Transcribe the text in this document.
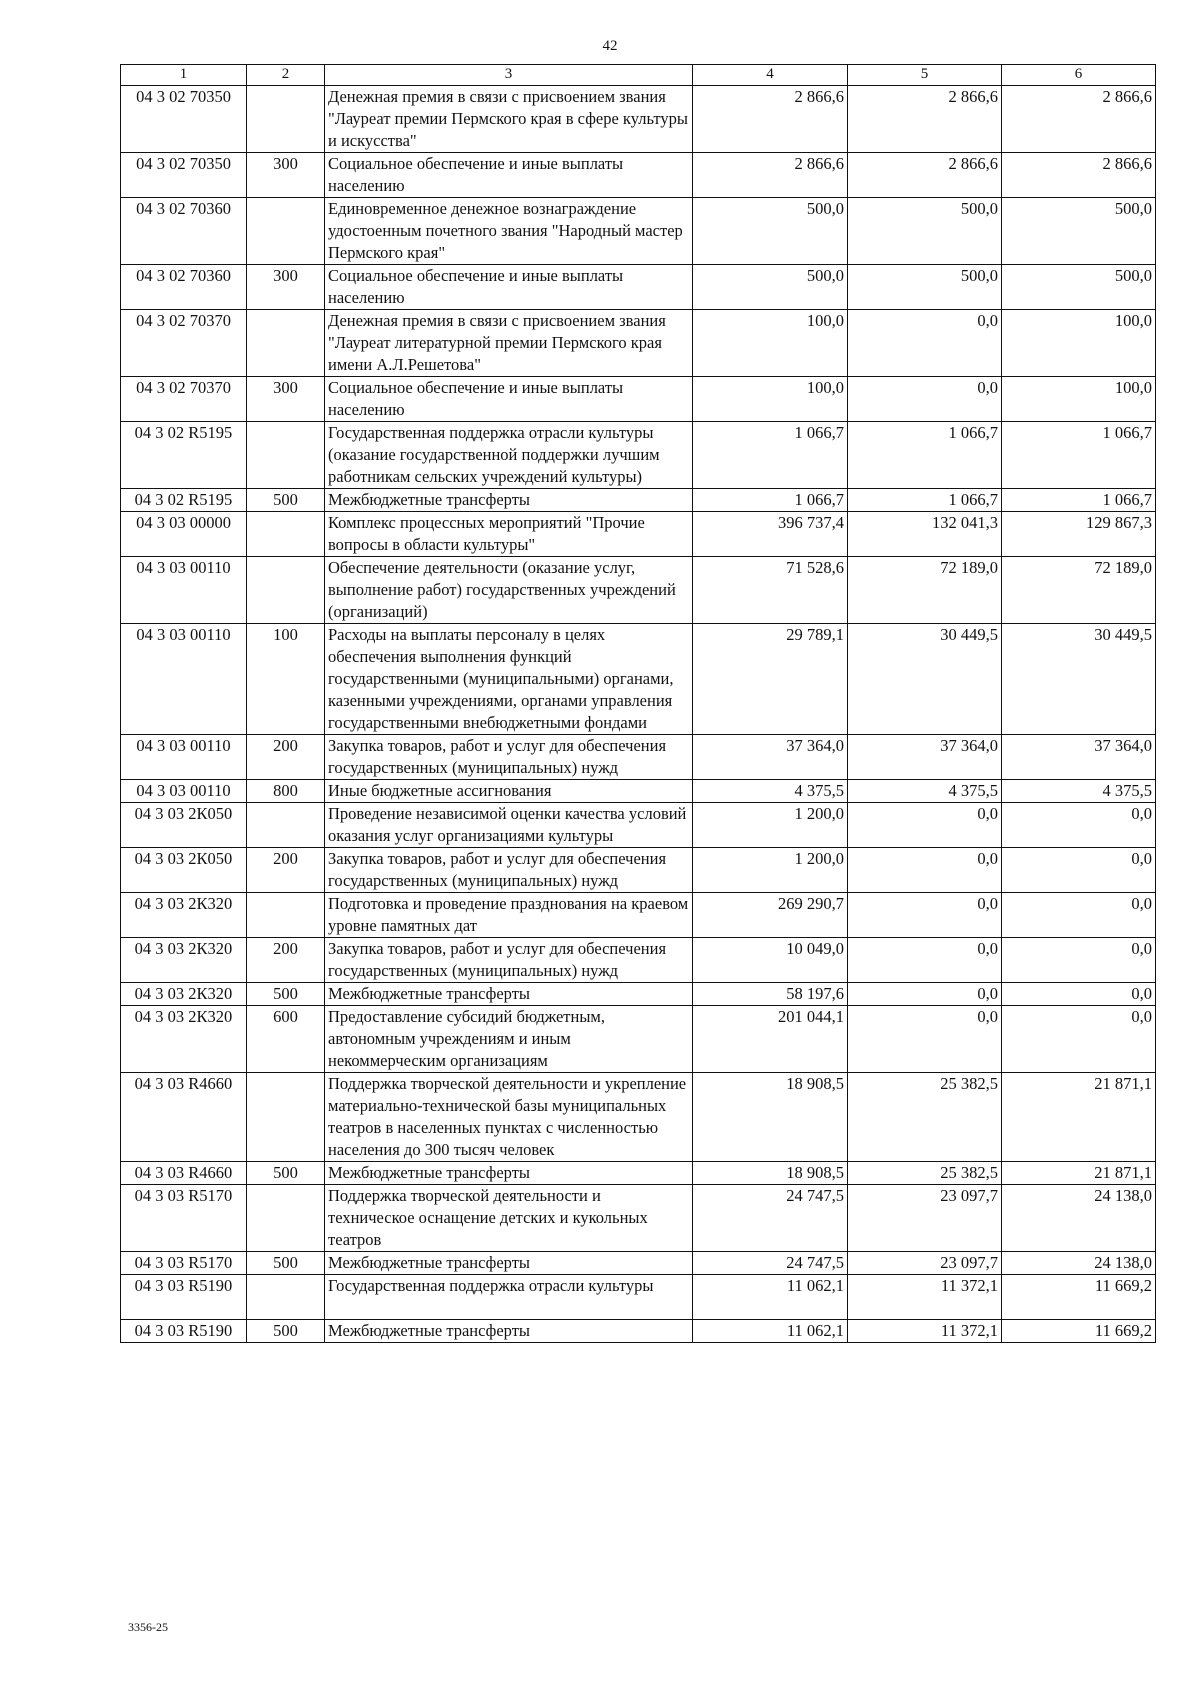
42
1	2	3	4	5	6
04 3 02 70350		Денежная премия в связи с присвоением звания "Лауреат премии Пермского края в сфере культуры и искусства"	2 866,6	2 866,6	2 866,6
04 3 02 70350	300	Социальное обеспечение и иные выплаты населению	2 866,6	2 866,6	2 866,6
04 3 02 70360		Единовременное денежное вознаграждение удостоенным почетного звания "Народный мастер Пермского края"	500,0	500,0	500,0
04 3 02 70360	300	Социальное обеспечение и иные выплаты населению	500,0	500,0	500,0
04 3 02 70370		Денежная премия в связи с присвоением звания "Лауреат литературной премии Пермского края имени А.Л.Решетова"	100,0	0,0	100,0
04 3 02 70370	300	Социальное обеспечение и иные выплаты населению	100,0	0,0	100,0
04 3 02 R5195		Государственная поддержка отрасли культуры (оказание государственной поддержки лучшим работникам сельских учреждений культуры)	1 066,7	1 066,7	1 066,7
04 3 02 R5195	500	Межбюджетные трансферты	1 066,7	1 066,7	1 066,7
04 3 03 00000		Комплекс процессных мероприятий "Прочие вопросы в области культуры"	396 737,4	132 041,3	129 867,3
04 3 03 00110		Обеспечение деятельности (оказание услуг, выполнение работ) государственных учреждений (организаций)	71 528,6	72 189,0	72 189,0
04 3 03 00110	100	Расходы на выплаты персоналу в целях обеспечения выполнения функций государственными (муниципальными) органами, казенными учреждениями, органами управления государственными внебюджетными фондами	29 789,1	30 449,5	30 449,5
04 3 03 00110	200	Закупка товаров, работ и услуг для обеспечения государственных (муниципальных) нужд	37 364,0	37 364,0	37 364,0
04 3 03 00110	800	Иные бюджетные ассигнования	4 375,5	4 375,5	4 375,5
04 3 03 2К050		Проведение независимой оценки качества условий оказания услуг организациями культуры	1 200,0	0,0	0,0
04 3 03 2К050	200	Закупка товаров, работ и услуг для обеспечения государственных (муниципальных) нужд	1 200,0	0,0	0,0
04 3 03 2К320		Подготовка и проведение празднования на краевом уровне памятных дат	269 290,7	0,0	0,0
04 3 03 2К320	200	Закупка товаров, работ и услуг для обеспечения государственных (муниципальных) нужд	10 049,0	0,0	0,0
04 3 03 2К320	500	Межбюджетные трансферты	58 197,6	0,0	0,0
04 3 03 2К320	600	Предоставление субсидий бюджетным, автономным учреждениям и иным некоммерческим организациям	201 044,1	0,0	0,0
04 3 03 R4660		Поддержка творческой деятельности и укрепление материально-технической базы муниципальных театров в населенных пунктах с численностью населения до 300 тысяч человек	18 908,5	25 382,5	21 871,1
04 3 03 R4660	500	Межбюджетные трансферты	18 908,5	25 382,5	21 871,1
04 3 03 R5170		Поддержка творческой деятельности и техническое оснащение детских и кукольных театров	24 747,5	23 097,7	24 138,0
04 3 03 R5170	500	Межбюджетные трансферты	24 747,5	23 097,7	24 138,0
04 3 03 R5190		Государственная поддержка отрасли культуры	11 062,1	11 372,1	11 669,2
04 3 03 R5190	500	Межбюджетные трансферты	11 062,1	11 372,1	11 669,2
3356-25
